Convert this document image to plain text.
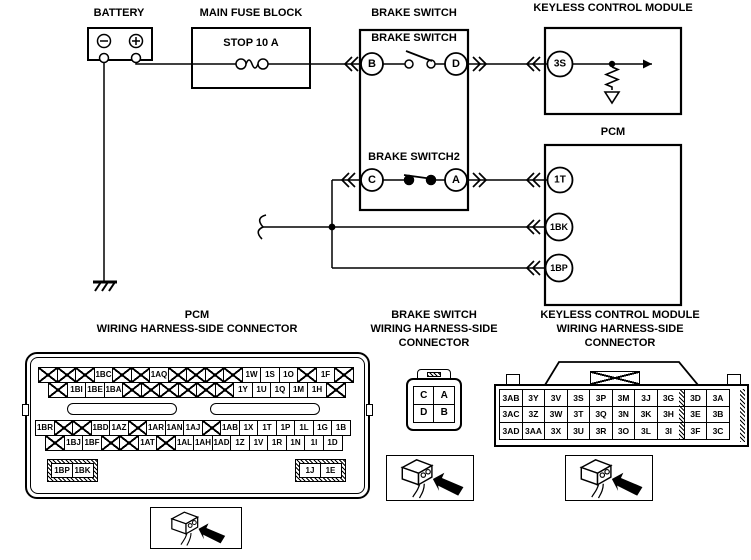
B	D
C	A
3S
1T
1BK
1BP
BATTERY	MAIN FUSE BLOCK	BRAKE SWITCH	KEYLESS CONTROL MODULE
STOP 10 A	BRAKE SWITCH
BRAKE SWITCH2
PCM
PCM
WIRING HARNESS-SIDE CONNECTOR
BRAKE SWITCH
WIRING HARNESS-SIDE
CONNECTOR
KEYLESS CONTROL MODULE
WIRING HARNESS-SIDE
CONNECTOR
1BC	1AQ	1W 1S	1O	1F
1BI 1BE 1BA	1Y	1U	1Q 1M 1H
1BR	1BD 1AZ	1AR 1AN 1AJ	1AB 1X	1T	1P	1L	1G	1B
1BJ 1BF	1AT	1AL 1AH 1AD 1Z	1V	1R	1N	1I	1D
1BP 1BK	1J	1E
C	A
D	B
3AB	3Y	3V	3S	3P	3M	3J	3G	3D	3A
3AC	3Z	3W	3T	3Q	3N	3K	3H	3E	3B
3AD 3AA	3X	3U	3R	3O	3L	3I	3F	3C
